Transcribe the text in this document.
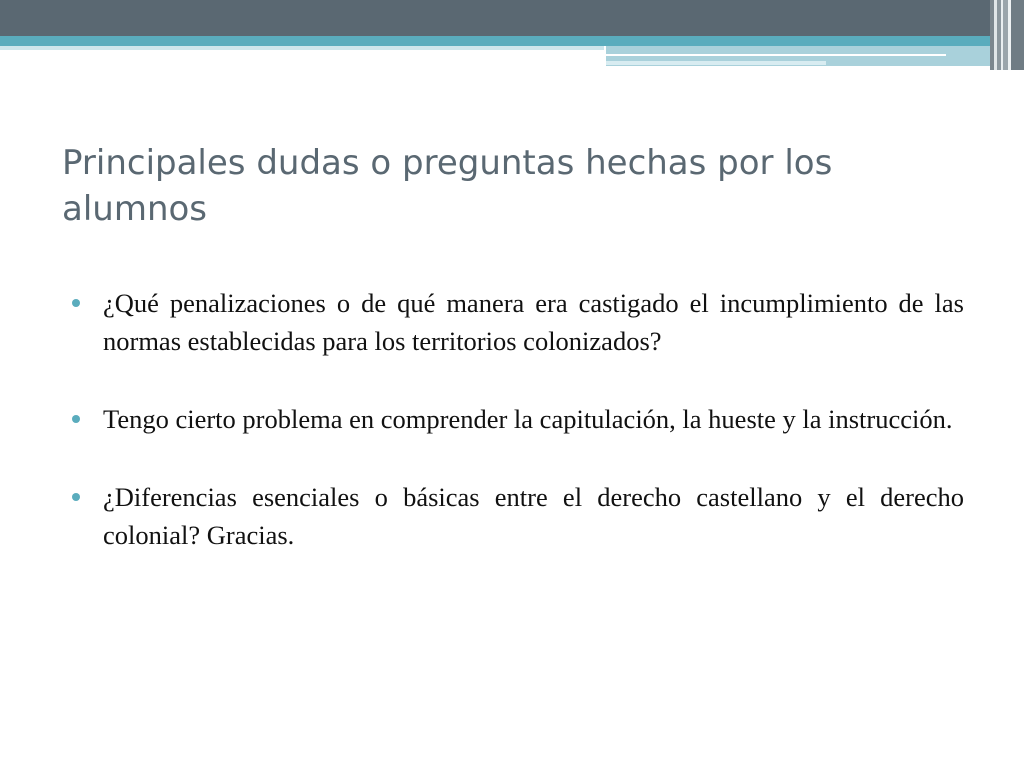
Principales dudas o preguntas hechas por los alumnos
¿Qué penalizaciones o de qué manera era castigado el incumplimiento de las normas establecidas para los territorios colonizados?
Tengo cierto problema en comprender la capitulación, la hueste y la instrucción.
¿Diferencias esenciales o básicas entre el derecho castellano y el derecho colonial? Gracias.
